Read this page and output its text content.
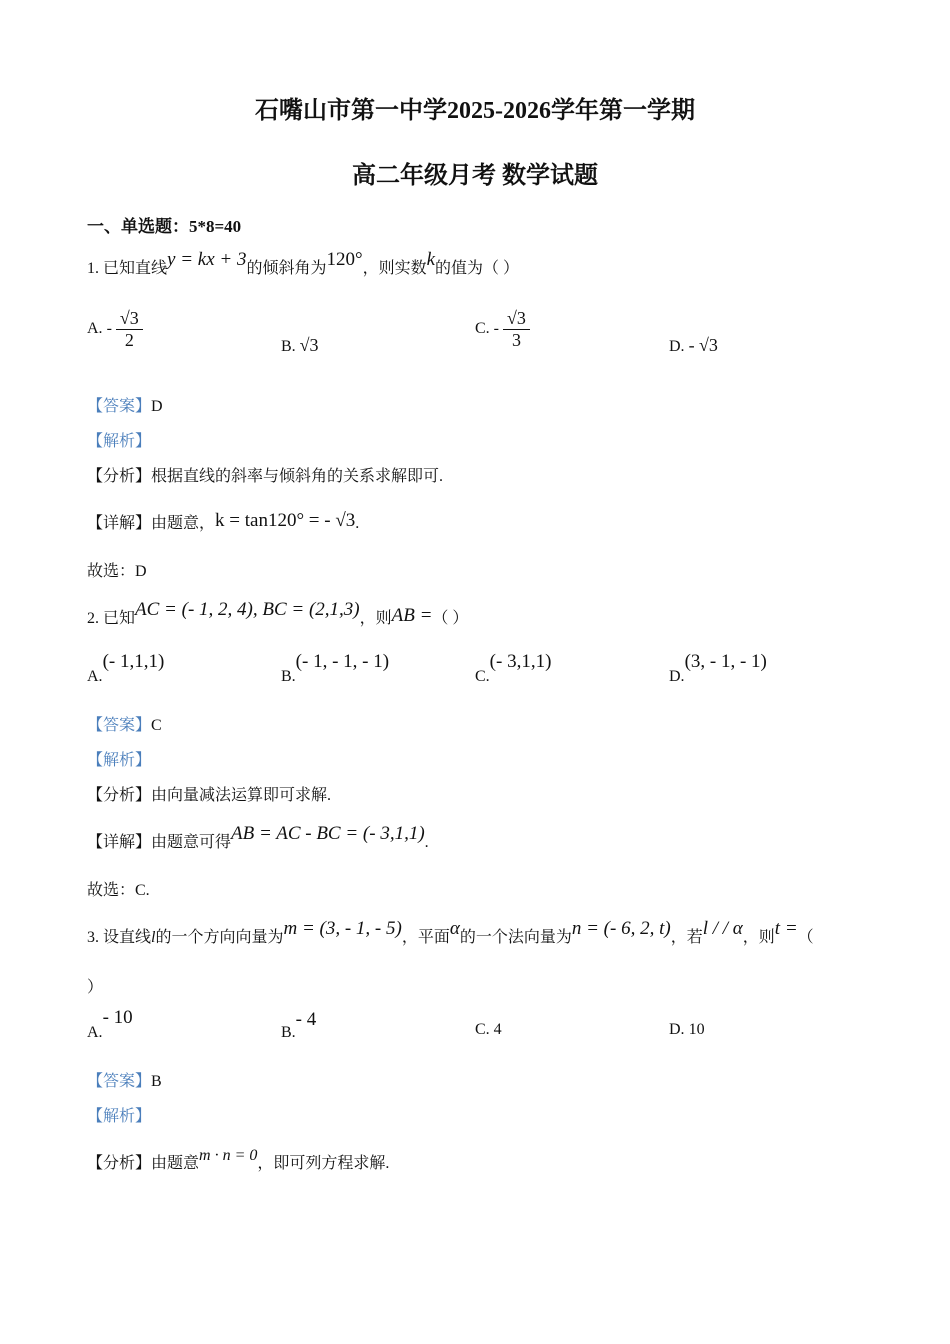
石嘴山市第一中学2025-2026学年第一学期
高二年级月考 数学试题
一、单选题：5*8=40
1. 已知直线y = kx + 3的倾斜角为120°，则实数k的值为（ ）
A. - $\frac{√3}{2}$	B. √3
C. - $\frac{√3}{3}$	D. - √3
【答案】D
【解析】
【分析】根据直线的斜率与倾斜角的关系求解即可.
【详解】由题意，k = tan120° = - √3.
故选：D
2. 已知AC = (- 1, 2, 4), BC = (2,1,3)，则AB =（ ）
A.(- 1,1,1)
B.(- 1, - 1, - 1)
C.(- 3,1,1)
D.(3, - 1, - 1)
【答案】C
【解析】
【分析】由向量减法运算即可求解.
【详解】由题意可得AB = AC - BC = (- 3,1,1).
故选：C.
3. 设直线l的一个方向向量为m = (3, - 1, - 5)，平面α的一个法向量为n = (- 6, 2, t)，若l / / α，则t =（
）
A.- 10
B.- 4	C. 4	D. 10
【答案】B
【解析】
【分析】由题意m · n = 0，即可列方程求解.
